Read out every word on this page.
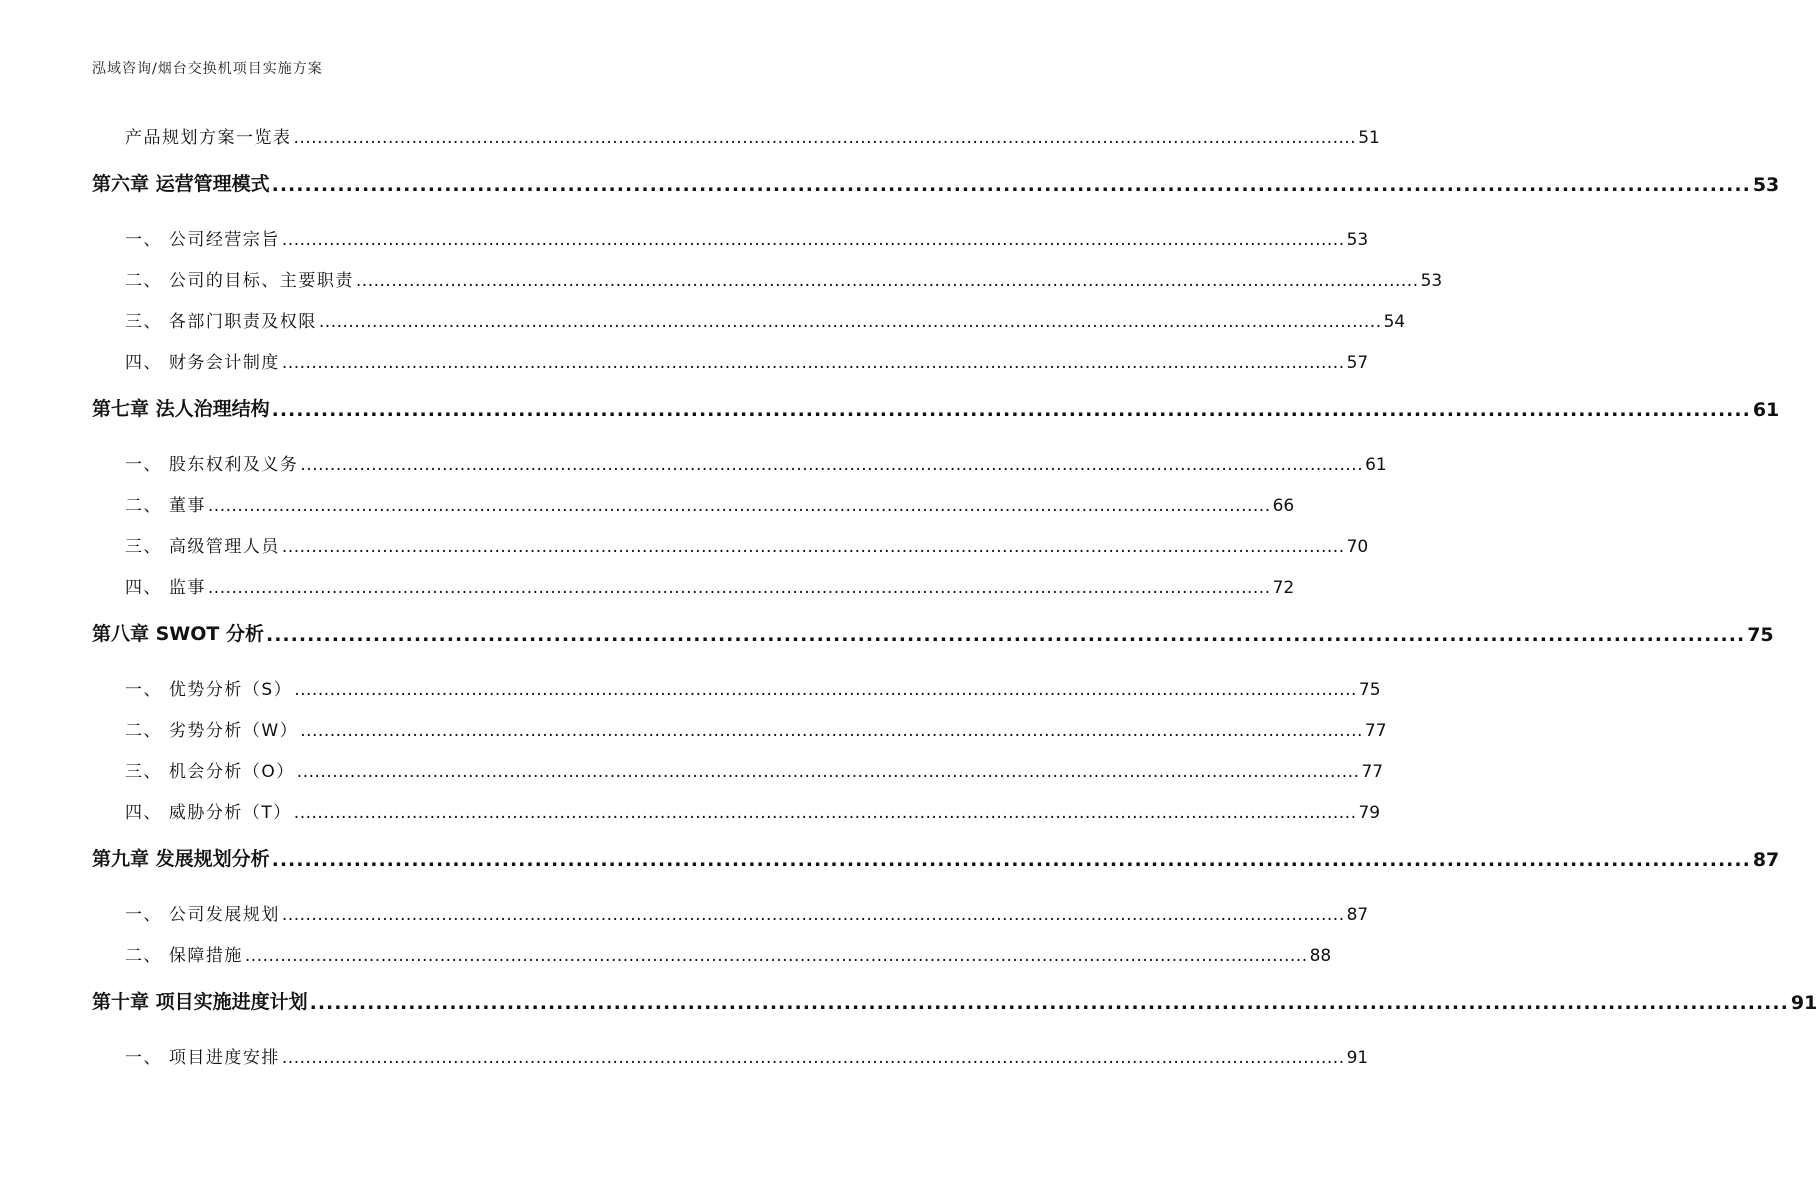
泓域咨询/烟台交换机项目实施方案
产品规划方案一览表 .................................................................................................................................................................................... 51
第六章 运营管理模式 .................................................................................................................................................................................... 53
一、 公司经营宗旨 .................................................................................................................................................................................... 53
二、 公司的目标、主要职责 .................................................................................................................................................................................... 53
三、 各部门职责及权限 .................................................................................................................................................................................... 54
四、 财务会计制度 .................................................................................................................................................................................... 57
第七章 法人治理结构 .................................................................................................................................................................................... 61
一、 股东权利及义务 .................................................................................................................................................................................... 61
二、 董事 .................................................................................................................................................................................... 66
三、 高级管理人员 .................................................................................................................................................................................... 70
四、 监事 .................................................................................................................................................................................... 72
第八章 SWOT 分析 .................................................................................................................................................................................... 75
一、 优势分析（S） .................................................................................................................................................................................... 75
二、 劣势分析（W） .................................................................................................................................................................................... 77
三、 机会分析（O） .................................................................................................................................................................................... 77
四、 威胁分析（T） .................................................................................................................................................................................... 79
第九章 发展规划分析 .................................................................................................................................................................................... 87
一、 公司发展规划 .................................................................................................................................................................................... 87
二、 保障措施 .................................................................................................................................................................................... 88
第十章 项目实施进度计划 .................................................................................................................................................................................... 91
一、 项目进度安排 .................................................................................................................................................................................... 91
